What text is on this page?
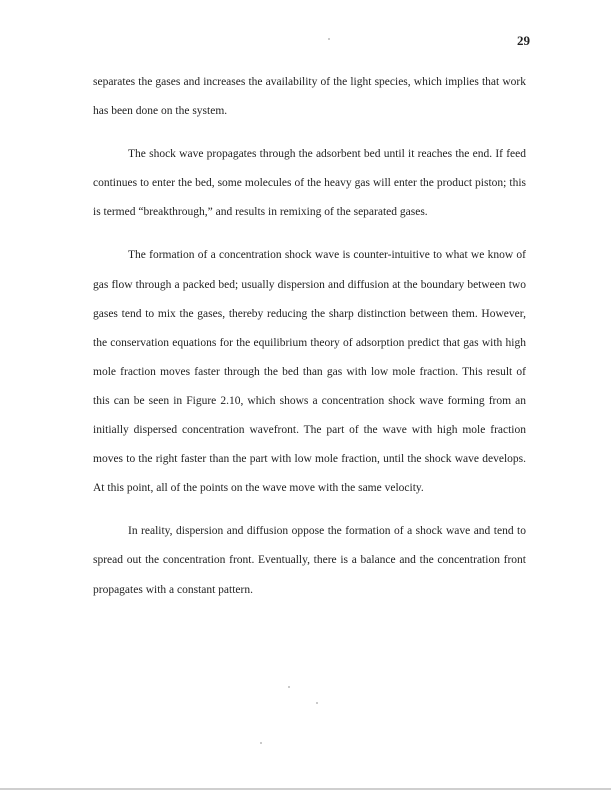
29

separates the gases and increases the availability of the light species, which implies that work has been done on the system.

The shock wave propagates through the adsorbent bed until it reaches the end. If feed continues to enter the bed, some molecules of the heavy gas will enter the product piston; this is termed “breakthrough,” and results in remixing of the separated gases.

The formation of a concentration shock wave is counter-intuitive to what we know of gas flow through a packed bed; usually dispersion and diffusion at the boundary between two gases tend to mix the gases, thereby reducing the sharp distinction between them. However, the conservation equations for the equilibrium theory of adsorption predict that gas with high mole fraction moves faster through the bed than gas with low mole fraction. This result of this can be seen in Figure 2.10, which shows a concentration shock wave forming from an initially dispersed concentration wavefront. The part of the wave with high mole fraction moves to the right faster than the part with low mole fraction, until the shock wave develops. At this point, all of the points on the wave move with the same velocity.

In reality, dispersion and diffusion oppose the formation of a shock wave and tend to spread out the concentration front. Eventually, there is a balance and the concentration front propagates with a constant pattern.
